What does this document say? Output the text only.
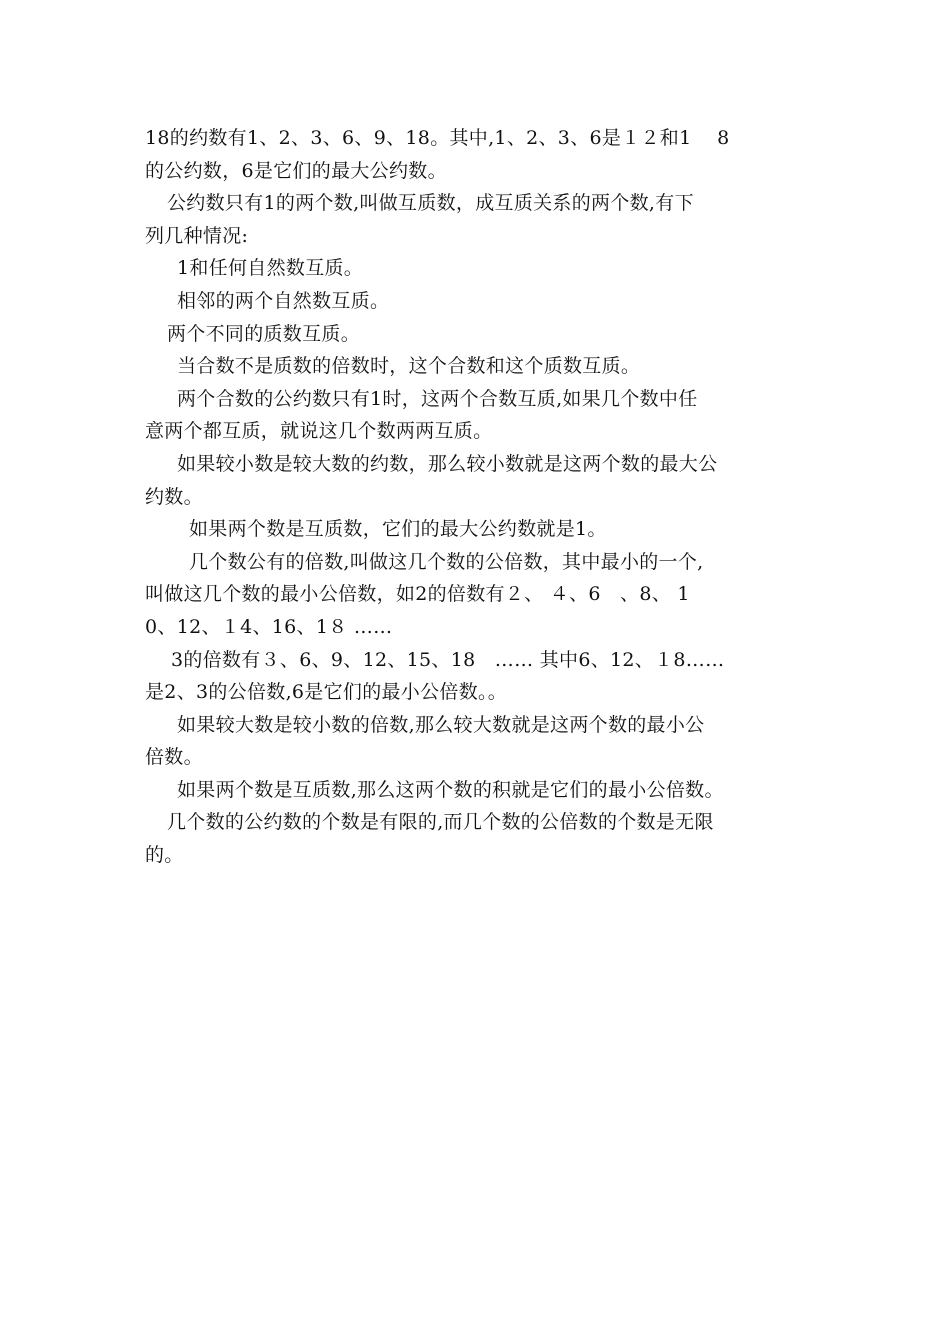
18的约数有1、2、3、6、9、18。其中,1、2、3、6是１２和1　 8
的公约数，6是它们的最大公约数。
公约数只有1的两个数,叫做互质数，成互质关系的两个数,有下
列几种情况:
1和任何自然数互质。
相邻的两个自然数互质。
两个不同的质数互质。
当合数不是质数的倍数时，这个合数和这个质数互质。
两个合数的公约数只有1时，这两个合数互质,如果几个数中任
意两个都互质，就说这几个数两两互质。
如果较小数是较大数的约数，那么较小数就是这两个数的最大公
约数。
如果两个数是互质数，它们的最大公约数就是1。
几个数公有的倍数,叫做这几个数的公倍数，其中最小的一个,
叫做这几个数的最小公倍数，如2的倍数有２、 ４、6　、8、 1
0、12、１4、16、1８ ……
3的倍数有３、6、9、12、15、18　…… 其中6、12、１8……
是2、3的公倍数,6是它们的最小公倍数。。
如果较大数是较小数的倍数,那么较大数就是这两个数的最小公
倍数。
如果两个数是互质数,那么这两个数的积就是它们的最小公倍数。
几个数的公约数的个数是有限的,而几个数的公倍数的个数是无限
的。
